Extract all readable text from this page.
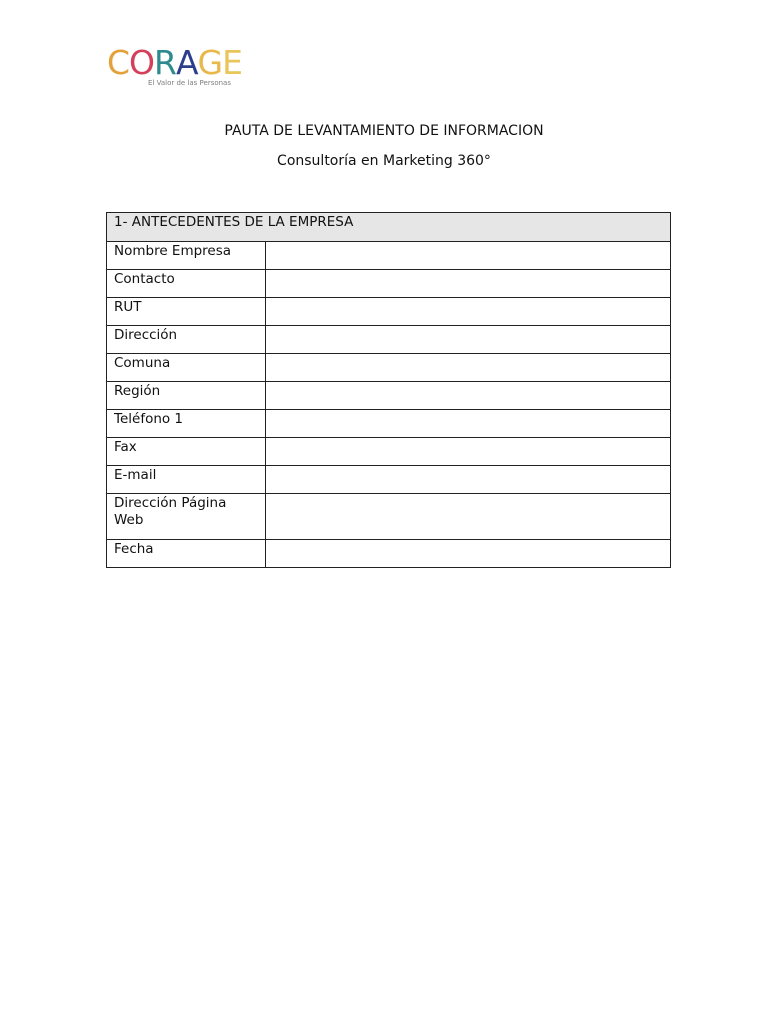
CORAGE
El Valor de las Personas
PAUTA DE LEVANTAMIENTO DE INFORMACION
Consultoría en Marketing 360°
1- ANTECEDENTES DE LA EMPRESA	
Nombre Empresa	
Contacto	
RUT	
Dirección	
Comuna	
Región	
Teléfono 1	
Fax	
E-mail	
Dirección Página Web	
Fecha	
